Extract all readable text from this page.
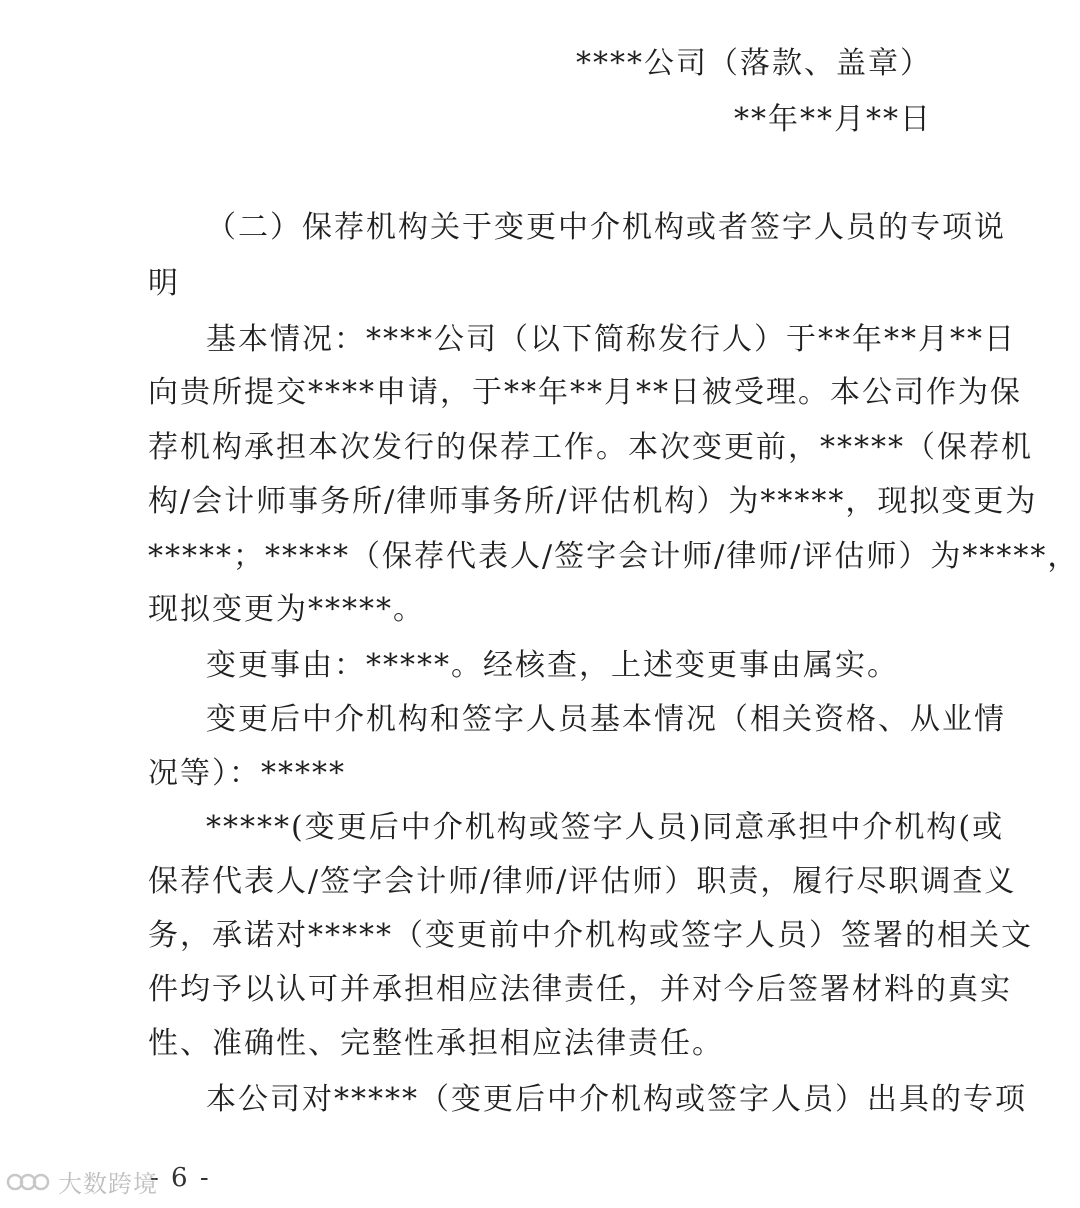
****公司（落款、盖章）
**年**月**日
（二）保荐机构关于变更中介机构或者签字人员的专项说
明
基本情况：****公司（以下简称发行人）于**年**月**日
向贵所提交****申请，于**年**月**日被受理。本公司作为保
荐机构承担本次发行的保荐工作。本次变更前，*****（保荐机
构/会计师事务所/律师事务所/评估机构）为*****，现拟变更为
*****；*****（保荐代表人/签字会计师/律师/评估师）为*****，
现拟变更为*****。
变更事由：*****。经核查，上述变更事由属实。
变更后中介机构和签字人员基本情况（相关资格、从业情
况等）：*****
*****(变更后中介机构或签字人员)同意承担中介机构(或
保荐代表人/签字会计师/律师/评估师）职责，履行尽职调查义
务，承诺对*****（变更前中介机构或签字人员）签署的相关文
件均予以认可并承担相应法律责任，并对今后签署材料的真实
性、准确性、完整性承担相应法律责任。
本公司对*****（变更后中介机构或签字人员）出具的专项
- 6 -
大数跨境
